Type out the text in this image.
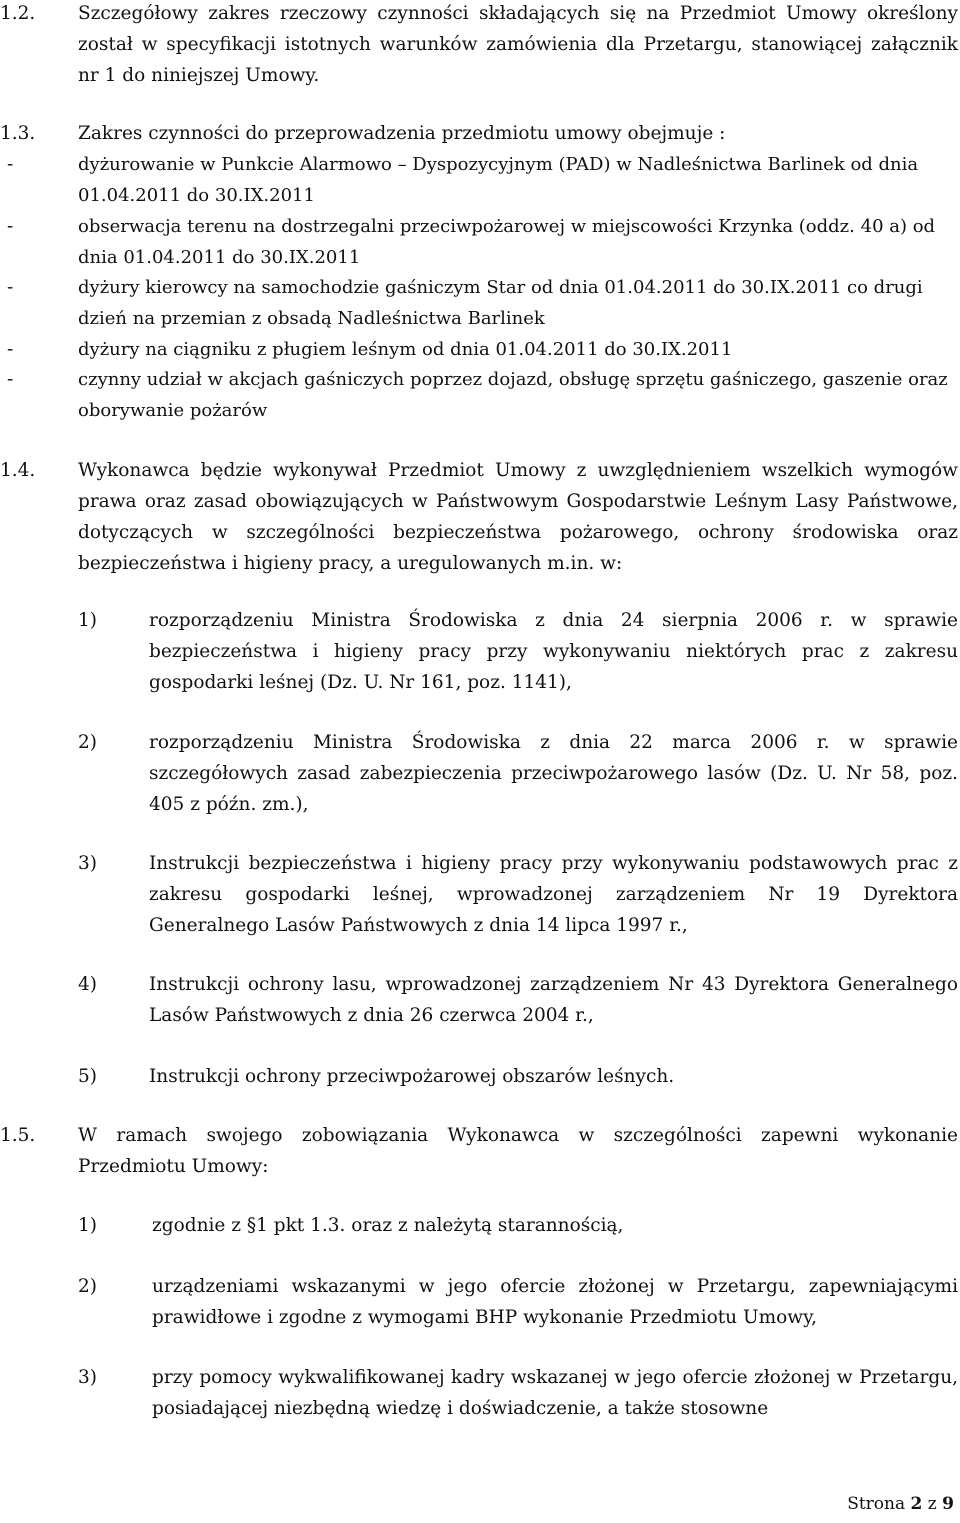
1.2. Szczegółowy zakres rzeczowy czynności składających się na Przedmiot Umowy określony został w specyfikacji istotnych warunków zamówienia dla Przetargu, stanowiącej załącznik nr 1 do niniejszej Umowy.
1.3. Zakres czynności do przeprowadzenia przedmiotu umowy obejmuje :
-	dyżurowanie w Punkcie Alarmowo – Dyspozycyjnym (PAD) w Nadleśnictwa Barlinek od dnia 01.04.2011 do 30.IX.2011
-	obserwacja terenu na dostrzegalni przeciwpożarowej w miejscowości Krzynka (oddz. 40 a) od dnia 01.04.2011 do 30.IX.2011
-	dyżury kierowcy na samochodzie gaśniczym Star od dnia 01.04.2011 do 30.IX.2011 co drugi dzień na przemian z obsadą Nadleśnictwa Barlinek
-	dyżury na ciągniku z pługiem leśnym od dnia 01.04.2011 do 30.IX.2011
-	czynny udział w akcjach gaśniczych poprzez dojazd, obsługę sprzętu gaśniczego, gaszenie oraz oborywanie pożarów
1.4. Wykonawca będzie wykonywał Przedmiot Umowy z uwzględnieniem wszelkich wymogów prawa oraz zasad obowiązujących w Państwowym Gospodarstwie Leśnym Lasy Państwowe, dotyczących w szczególności bezpieczeństwa pożarowego, ochrony środowiska oraz bezpieczeństwa i higieny pracy, a uregulowanych m.in. w:
1)	rozporządzeniu Ministra Środowiska z dnia 24 sierpnia 2006 r. w sprawie bezpieczeństwa i higieny pracy przy wykonywaniu niektórych prac z zakresu gospodarki leśnej (Dz. U. Nr 161, poz. 1141),
2)	rozporządzeniu Ministra Środowiska z dnia 22 marca 2006 r. w sprawie szczegółowych zasad zabezpieczenia przeciwpożarowego lasów (Dz. U. Nr 58, poz. 405 z późn. zm.),
3)	Instrukcji bezpieczeństwa i higieny pracy przy wykonywaniu podstawowych prac z zakresu gospodarki leśnej, wprowadzonej zarządzeniem Nr 19 Dyrektora Generalnego Lasów Państwowych z dnia 14 lipca 1997 r.,
4)	Instrukcji ochrony lasu, wprowadzonej zarządzeniem Nr 43 Dyrektora Generalnego Lasów Państwowych z dnia 26 czerwca 2004 r.,
5)	Instrukcji ochrony przeciwpożarowej obszarów leśnych.
1.5. W ramach swojego zobowiązania Wykonawca w szczególności zapewni wykonanie Przedmiotu Umowy:
1)	zgodnie z §1 pkt 1.3. oraz z należytą starannością,
2)	urządzeniami wskazanymi w jego ofercie złożonej w Przetargu, zapewniającymi prawidłowe i zgodne z wymogami BHP wykonanie Przedmiotu Umowy,
3)	przy pomocy wykwalifikowanej kadry wskazanej w jego ofercie złożonej w Przetargu, posiadającej niezbędną wiedzę i doświadczenie, a także stosowne
Strona 2 z 9
